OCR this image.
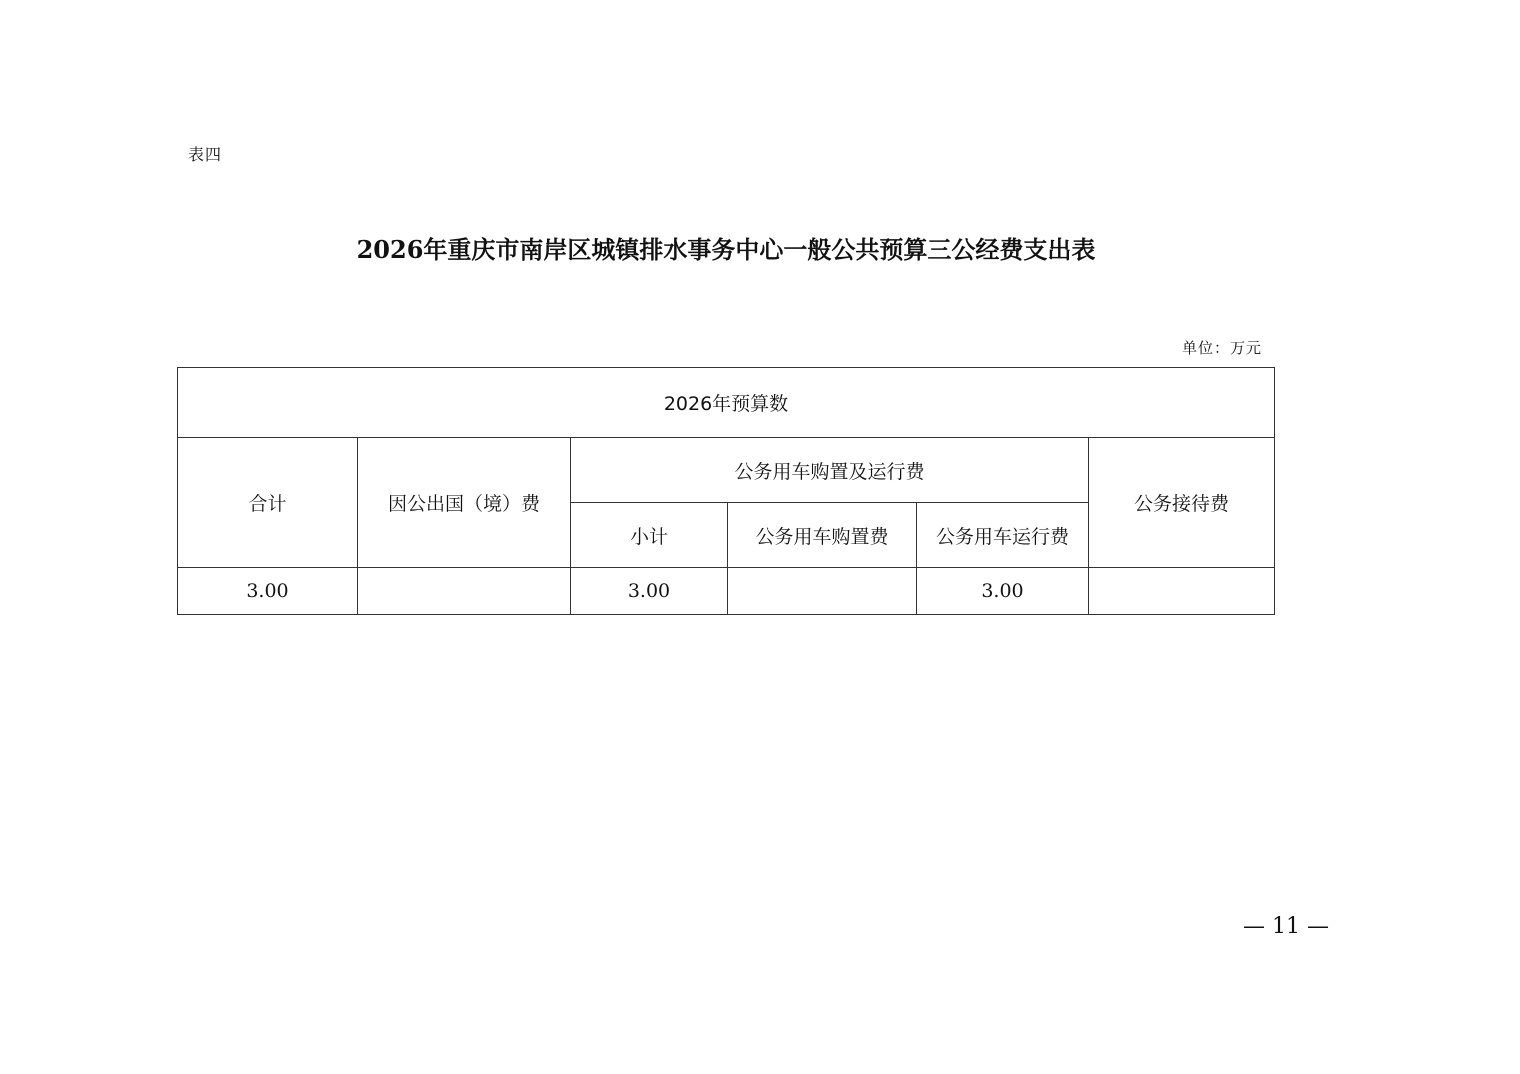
表四
2026年重庆市南岸区城镇排水事务中心一般公共预算三公经费支出表
单位：万元
2026年预算数					
合计	因公出国（境）费	公务用车购置及运行费			公务接待费
		小计	公务用车购置费	公务用车运行费	
3.00		3.00		3.00	
— 11 —
